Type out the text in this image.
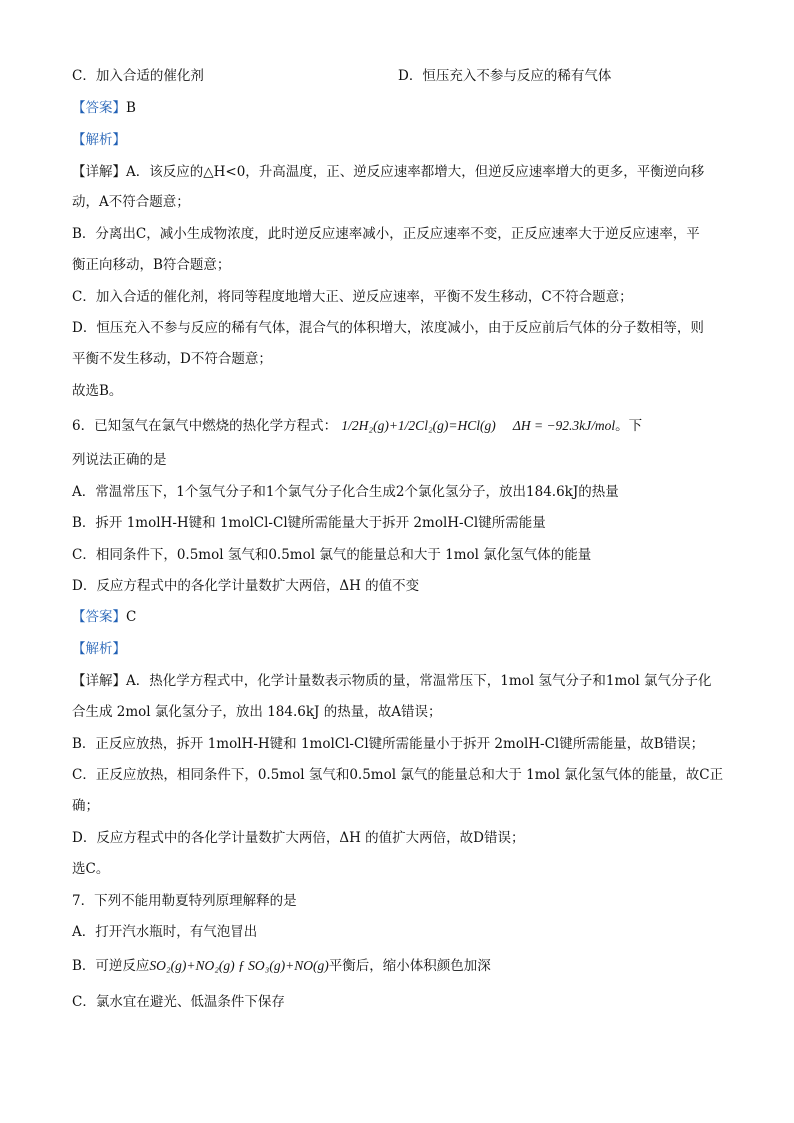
C．加入合适的催化剂	D．恒压充入不参与反应的稀有气体
【答案】B
【解析】
【详解】A．该反应的△H<0，升高温度，正、逆反应速率都增大，但逆反应速率增大的更多，平衡逆向移
动，A不符合题意；
B．分离出C，减小生成物浓度，此时逆反应速率减小，正反应速率不变，正反应速率大于逆反应速率，平
衡正向移动，B符合题意；
C．加入合适的催化剂，将同等程度地增大正、逆反应速率，平衡不发生移动，C不符合题意；
D．恒压充入不参与反应的稀有气体，混合气的体积增大，浓度减小，由于反应前后气体的分子数相等，则
平衡不发生移动，D不符合题意；
故选B。
6．已知氢气在氯气中燃烧的热化学方程式： 1/2H₂(g)+1/2Cl₂(g)=HCl(g) ΔH = −92.3kJ/mol。下
列说法正确的是
A．常温常压下，1个氢气分子和1个氯气分子化合生成2个氯化氢分子，放出184.6kJ的热量
B．拆开 1molH-H键和 1molCl-Cl键所需能量大于拆开 2molH-Cl键所需能量
C．相同条件下，0.5mol 氢气和0.5mol 氯气的能量总和大于 1mol 氯化氢气体的能量
D．反应方程式中的各化学计量数扩大两倍，ΔH 的值不变
【答案】C
【解析】
【详解】A．热化学方程式中，化学计量数表示物质的量，常温常压下，1mol 氢气分子和1mol 氯气分子化
合生成 2mol 氯化氢分子，放出 184.6kJ 的热量，故A错误；
B．正反应放热，拆开 1molH-H键和 1molCl-Cl键所需能量小于拆开 2molH-Cl键所需能量，故B错误；
C．正反应放热，相同条件下，0.5mol 氢气和0.5mol 氯气的能量总和大于 1mol 氯化氢气体的能量，故C正
确；
D．反应方程式中的各化学计量数扩大两倍，ΔH 的值扩大两倍，故D错误；
选C。
7．下列不能用勒夏特列原理解释的是
A．打开汽水瓶时，有气泡冒出
B．可逆反应SO₂(g)+NO₂(g) ƒ SO₃(g)+NO(g)平衡后，缩小体积颜色加深
C．氯水宜在避光、低温条件下保存
